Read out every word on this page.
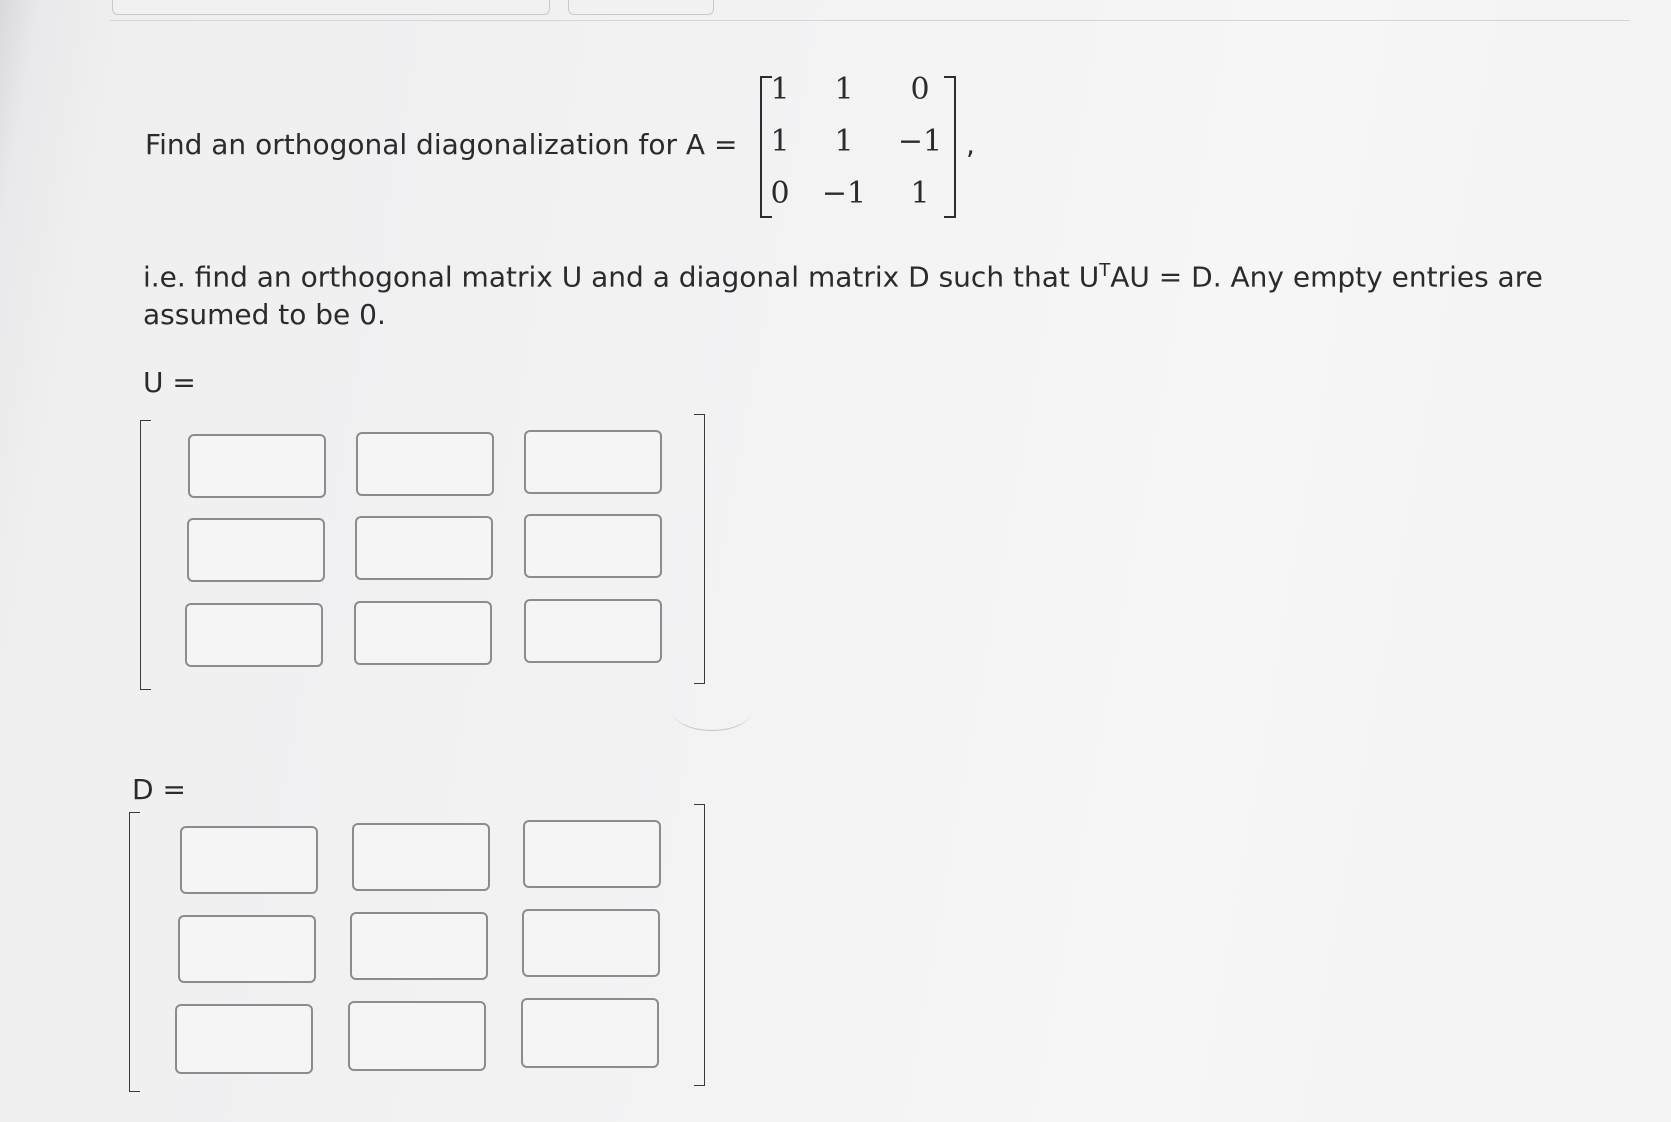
Find an orthogonal diagonalization for A =
1	1	0
1	1	−1
0	−1	1
,
i.e. find an orthogonal matrix U and a diagonal matrix D such that $U^TAU = D$. Any empty entries are
assumed to be 0.
U =
D =
